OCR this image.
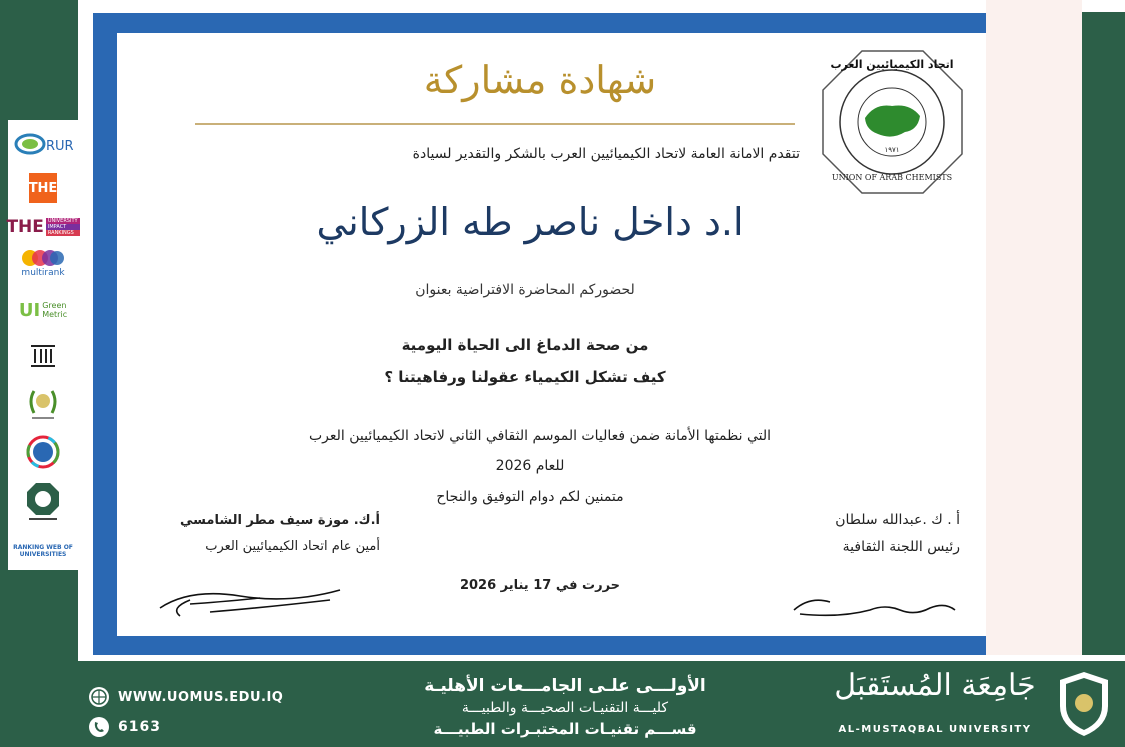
RUR
THE
THE UNIVERSITY
IMPACT
RANKINGS
multirank
UI Green
Metric
RANKING WEB OF UNIVERSITIES
شهادة مشاركة	اتحاد الكيميائيين العرب
١٩٧١
UNION OF ARAB CHEMISTS
تتقدم الامانة العامة لاتحاد الكيميائيين العرب بالشكر والتقدير لسيادة
ا.د داخل ناصر طه الزركاني
لحضوركم المحاضرة الافتراضية بعنوان
من صحة الدماغ الى الحياة اليومية
كيف تشكل الكيمياء عقولنا ورفاهيتنا ؟
التي نظمتها الأمانة ضمن فعاليات الموسم الثقافي الثاني لاتحاد الكيميائيين العرب
للعام 2026
متمنين لكم دوام التوفيق والنجاح
أ . ك .عبدالله سلطان
رئيس اللجنة الثقافية
أ.ك. موزة سيف مطر الشامسي
أمين عام اتحاد الكيميائيين العرب
حررت في 17 يناير 2026
WWW.UOMUS.EDU.IQ
6163
الأولـــى علـى الجامـــعات الأهليـة
كليـــة التقنيـات الصحيـــة والطبيـــة
قســـم تقنيـات المختبـرات الطبيـــة
جَامِعَة المُستَقبَل
AL-MUSTAQBAL UNIVERSITY
